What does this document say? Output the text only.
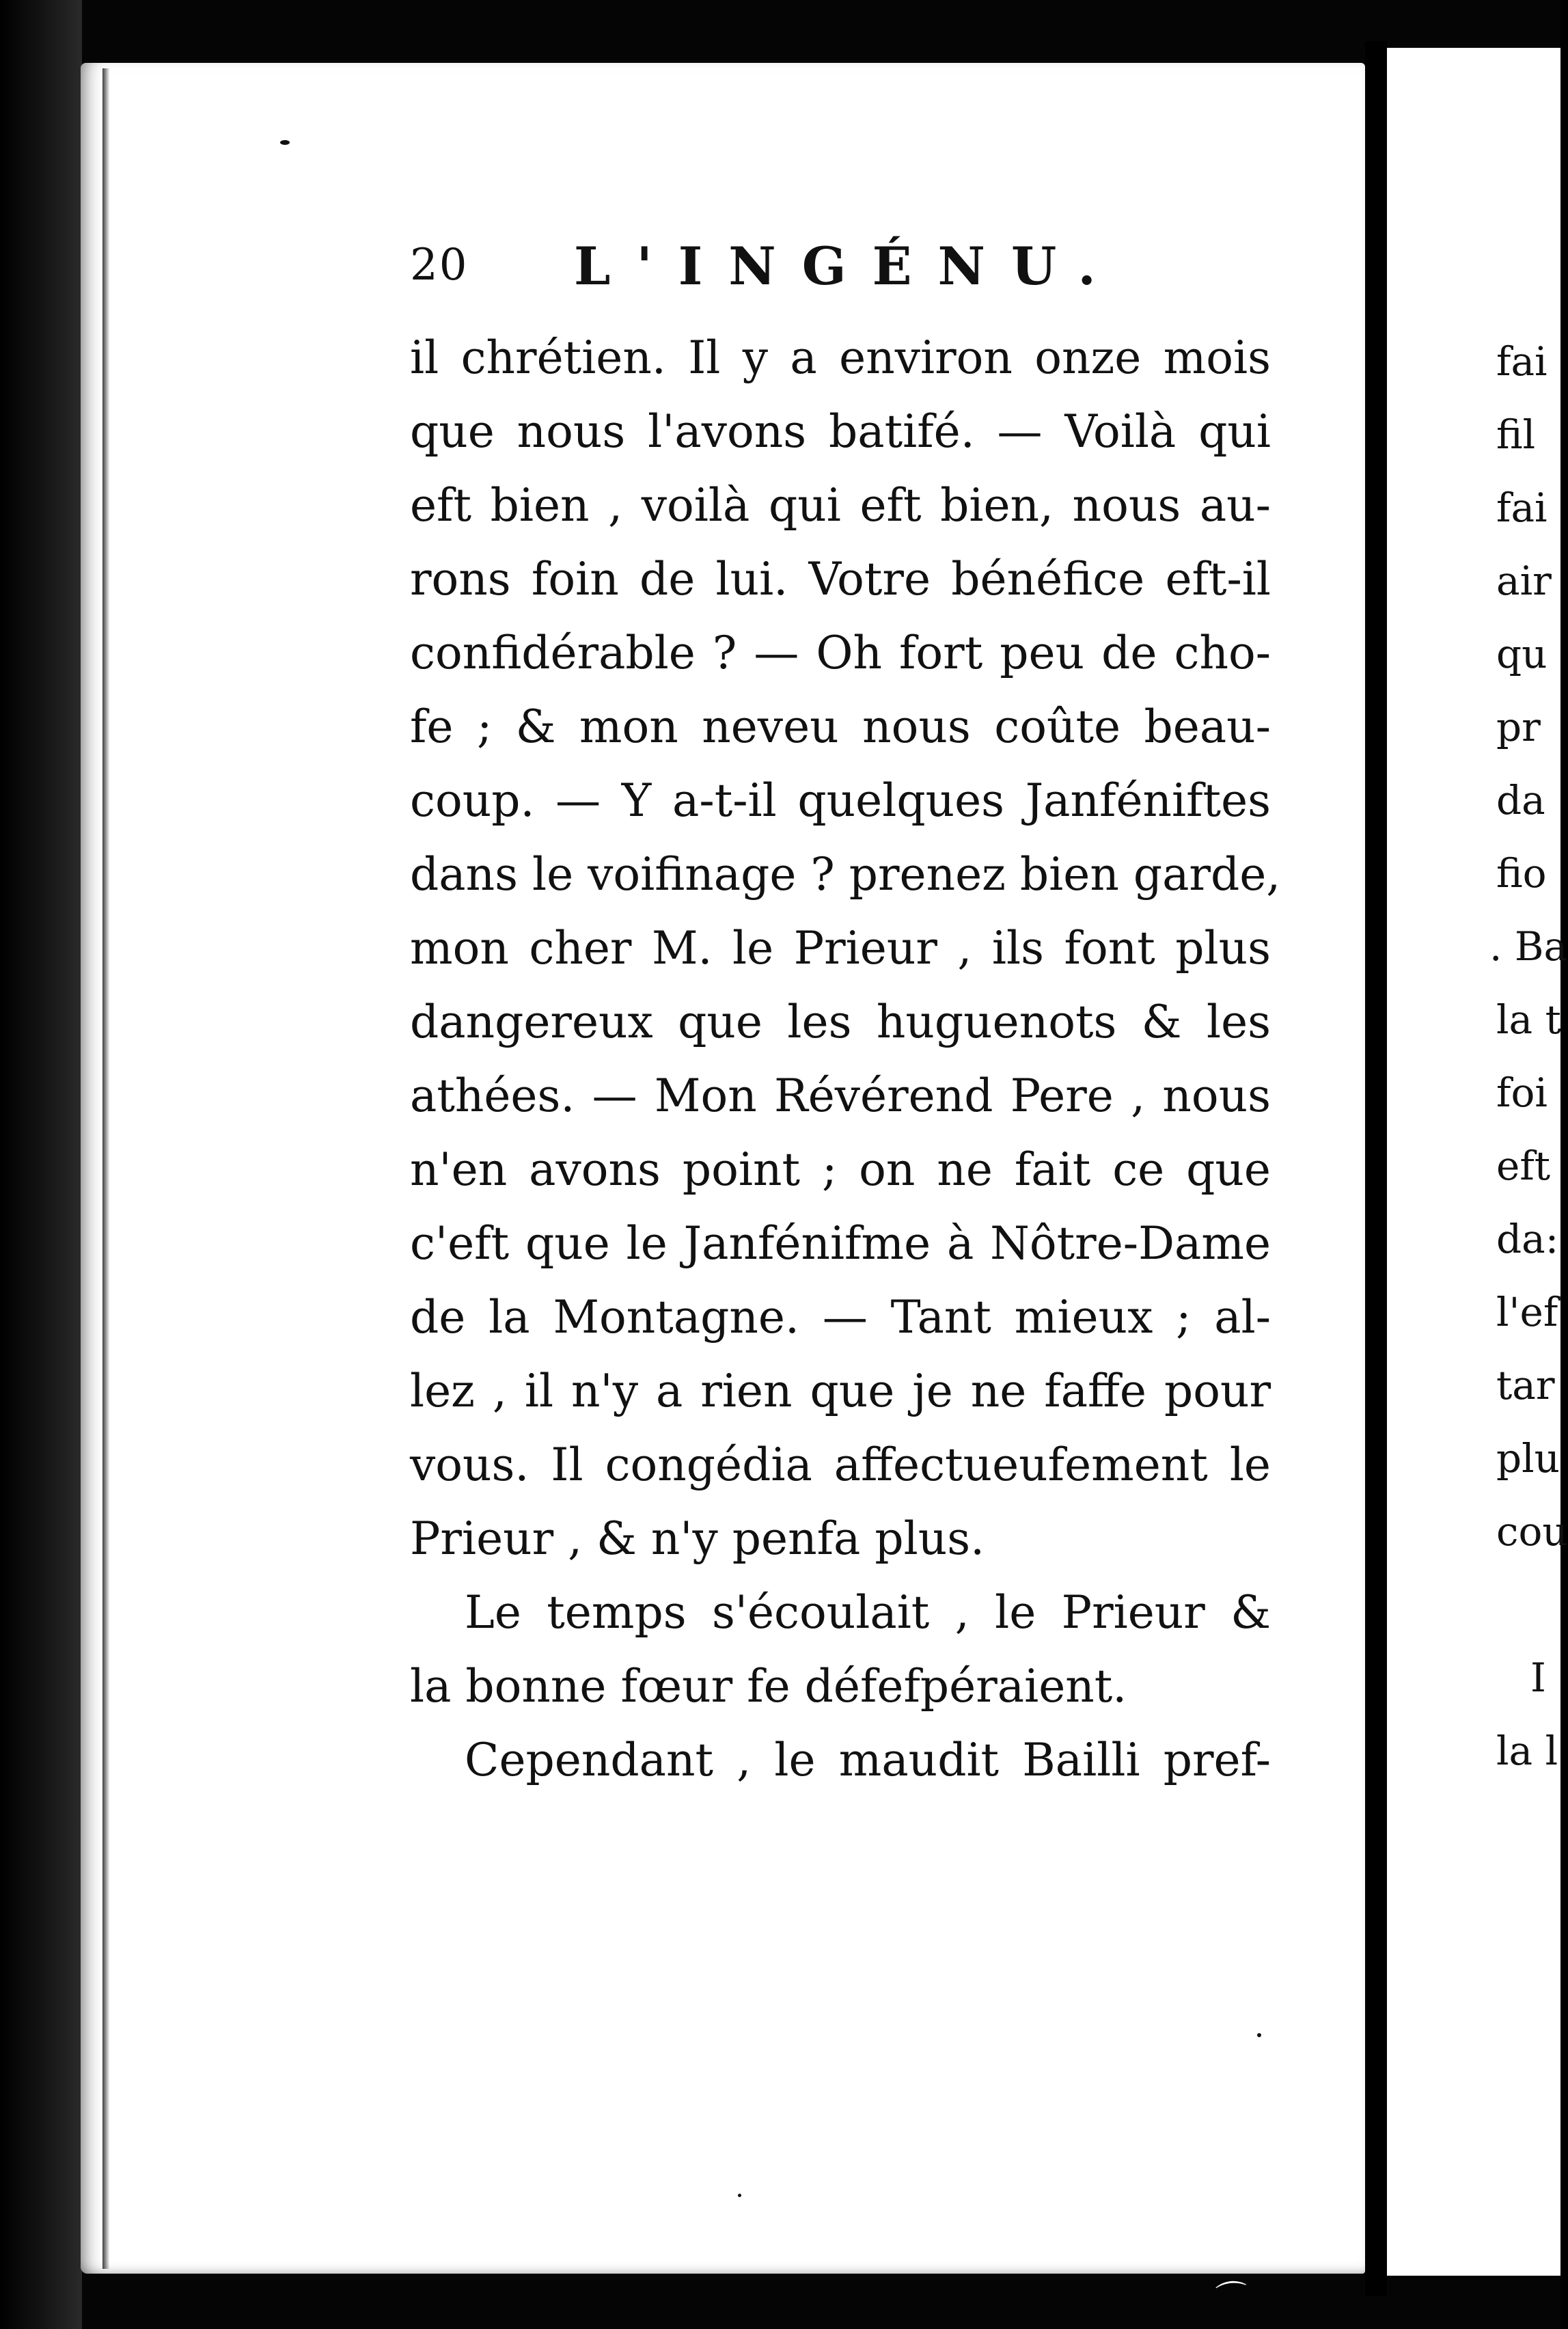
fai
fil
fai
air
qu
pr
da
fio
. Ba
la t
foi
eft
da:
l'ef
tar
plu
cou
I
la l
20 L'INGÉNU.
il chrétien. Il y a environ onze mois
que nous l'avons batifé. — Voilà qui
eft bien , voilà qui eft bien, nous au-
rons foin de lui. Votre bénéfice eft-il
confidérable ? — Oh fort peu de cho-
fe ; & mon neveu nous coûte beau-
coup. — Y a-t-il quelques Janféniftes
dans le voifinage ? prenez bien garde,
mon cher M. le Prieur , ils font plus
dangereux que les huguenots & les
athées. — Mon Révérend Pere , nous
n'en avons point ; on ne fait ce que
c'eft que le Janfénifme à Nôtre-Dame
de la Montagne. — Tant mieux ; al-
lez , il n'y a rien que je ne faffe pour
vous. Il congédia affectueufement le
Prieur , & n'y penfa plus.
Le temps s'écoulait , le Prieur &
la bonne fœur fe défefpéraient.
Cependant , le maudit Bailli pref-
⌒
